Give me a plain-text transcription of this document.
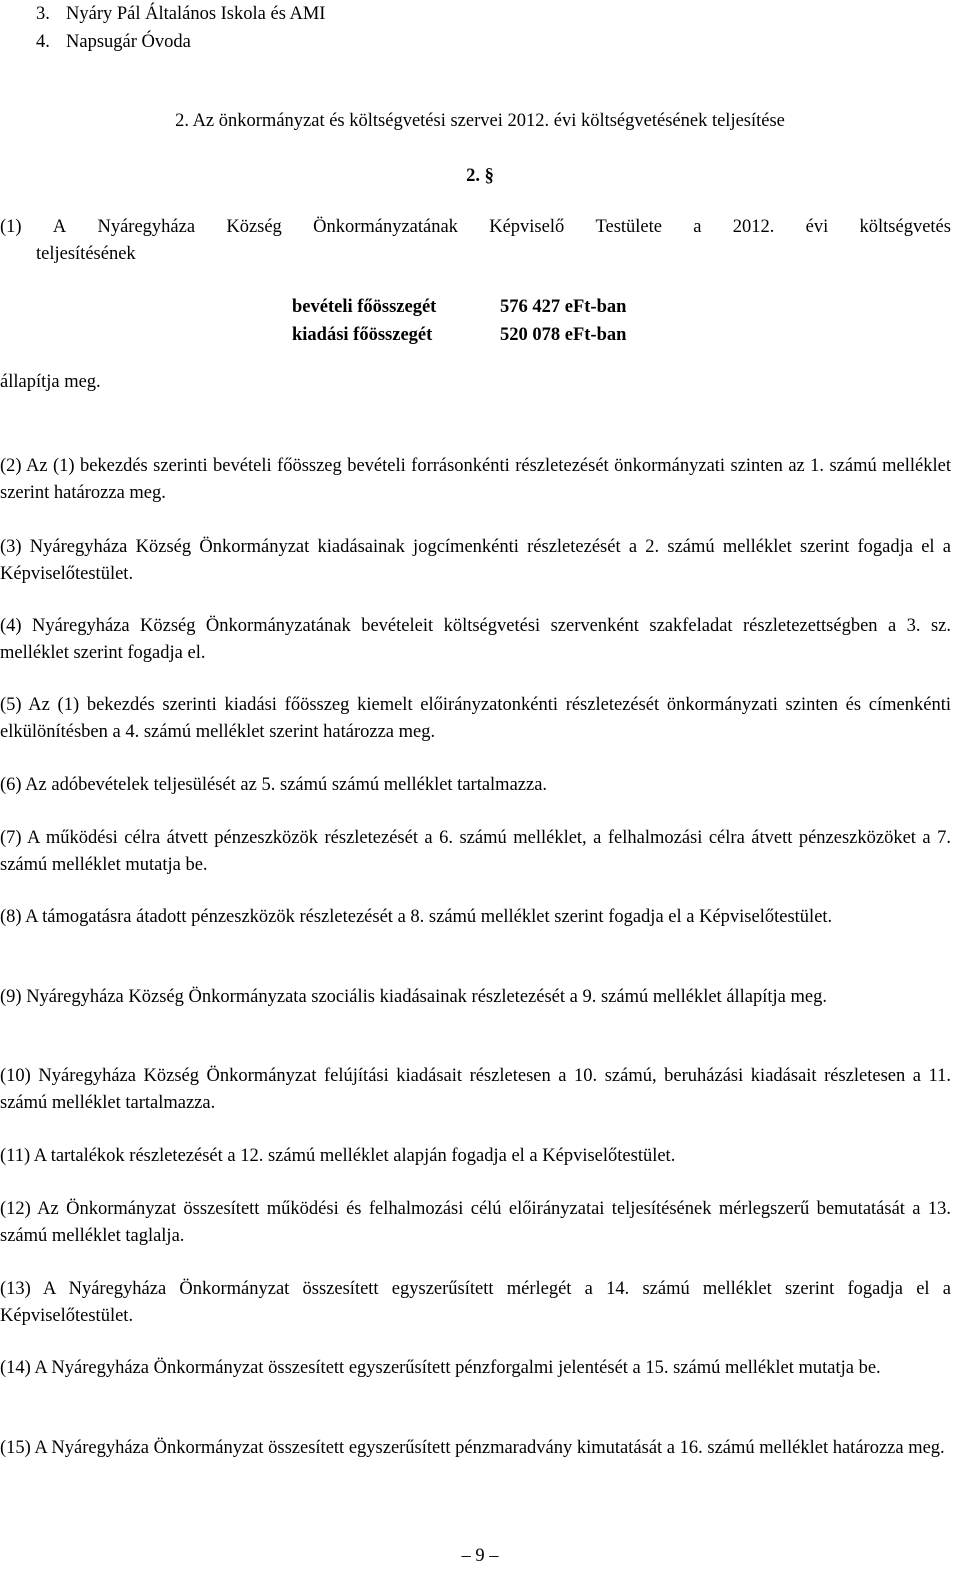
3. Nyáry Pál Általános Iskola és AMI
4. Napsugár Óvoda
2. Az önkormányzat és költségvetési szervei 2012. évi költségvetésének teljesítése
2. §
(1) A Nyáregyháza Község Önkormányzatának Képviselő Testülete a 2012. évi költségvetés
teljesítésének
bevételi főösszegét	576 427 eFt-ban
kiadási főösszegét	520 078 eFt-ban
állapítja meg.

(2) Az (1) bekezdés szerinti bevételi főösszeg bevételi forrásonkénti részletezését önkormányzati szinten az 1. számú melléklet szerint határozza meg.

(3) Nyáregyháza Község Önkormányzat kiadásainak jogcímenkénti részletezését a 2. számú melléklet szerint fogadja el a Képviselőtestület.

(4) Nyáregyháza Község Önkormányzatának bevételeit költségvetési szervenként szakfeladat részletezettségben a 3. sz. melléklet szerint fogadja el.

(5) Az (1) bekezdés szerinti kiadási főösszeg kiemelt előirányzatonkénti részletezését önkormányzati szinten és címenkénti elkülönítésben a 4. számú melléklet szerint határozza meg.

(6) Az adóbevételek teljesülését az 5. számú számú melléklet tartalmazza.

(7) A működési célra átvett pénzeszközök részletezését a 6. számú melléklet, a felhalmozási célra átvett pénzeszközöket a 7. számú melléklet mutatja be.

(8) A támogatásra átadott pénzeszközök részletezését a 8. számú melléklet szerint fogadja el a Képviselőtestület.

(9) Nyáregyháza Község Önkormányzata szociális kiadásainak részletezését a 9. számú melléklet állapítja meg.

(10) Nyáregyháza Község Önkormányzat felújítási kiadásait részletesen a 10. számú, beruházási kiadásait részletesen a 11. számú melléklet tartalmazza.

(11) A tartalékok részletezését a 12. számú melléklet alapján fogadja el a Képviselőtestület.

(12) Az Önkormányzat összesített működési és felhalmozási célú előirányzatai teljesítésének mérlegszerű bemutatását a 13. számú melléklet taglalja.

(13) A Nyáregyháza Önkormányzat összesített egyszerűsített mérlegét a 14. számú melléklet szerint fogadja el a Képviselőtestület.

(14) A Nyáregyháza Önkormányzat összesített egyszerűsített pénzforgalmi jelentését a 15. számú melléklet mutatja be.

(15) A Nyáregyháza Önkormányzat összesített egyszerűsített pénzmaradvány kimutatását a 16. számú melléklet határozza meg.

– 9 –
